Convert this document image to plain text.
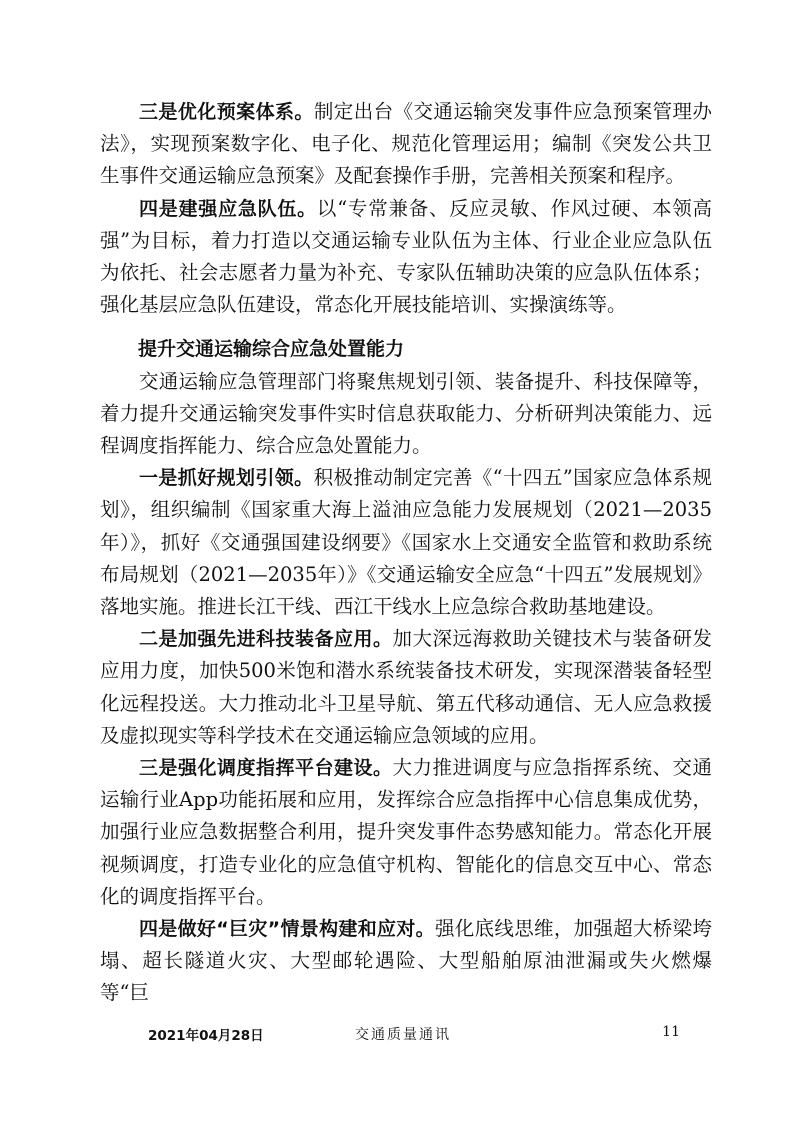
三是优化预案体系。制定出台《交通运输突发事件应急预案管理办法》，实现预案数字化、电子化、规范化管理运用；编制《突发公共卫生事件交通运输应急预案》及配套操作手册，完善相关预案和程序。

四是建强应急队伍。以“专常兼备、反应灵敏、作风过硬、本领高强”为目标，着力打造以交通运输专业队伍为主体、行业企业应急队伍为依托、社会志愿者力量为补充、专家队伍辅助决策的应急队伍体系；强化基层应急队伍建设，常态化开展技能培训、实操演练等。

提升交通运输综合应急处置能力

交通运输应急管理部门将聚焦规划引领、装备提升、科技保障等，着力提升交通运输突发事件实时信息获取能力、分析研判决策能力、远程调度指挥能力、综合应急处置能力。

一是抓好规划引领。积极推动制定完善《“十四五”国家应急体系规划》，组织编制《国家重大海上溢油应急能力发展规划（2021—2035年）》，抓好《交通强国建设纲要》《国家水上交通安全监管和救助系统布局规划（2021—2035年）》《交通运输安全应急“十四五”发展规划》落地实施。推进长江干线、西江干线水上应急综合救助基地建设。

二是加强先进科技装备应用。加大深远海救助关键技术与装备研发应用力度，加快500米饱和潜水系统装备技术研发，实现深潜装备轻型化远程投送。大力推动北斗卫星导航、第五代移动通信、无人应急救援及虚拟现实等科学技术在交通运输应急领域的应用。

三是强化调度指挥平台建设。大力推进调度与应急指挥系统、交通运输行业App功能拓展和应用，发挥综合应急指挥中心信息集成优势，加强行业应急数据整合利用，提升突发事件态势感知能力。常态化开展视频调度，打造专业化的应急值守机构、智能化的信息交互中心、常态化的调度指挥平台。

四是做好“巨灾”情景构建和应对。强化底线思维，加强超大桥梁垮塌、超长隧道火灾、大型邮轮遇险、大型船舶原油泄漏或失火燃爆等“巨

2021年04月28日	交通质量通讯	11
